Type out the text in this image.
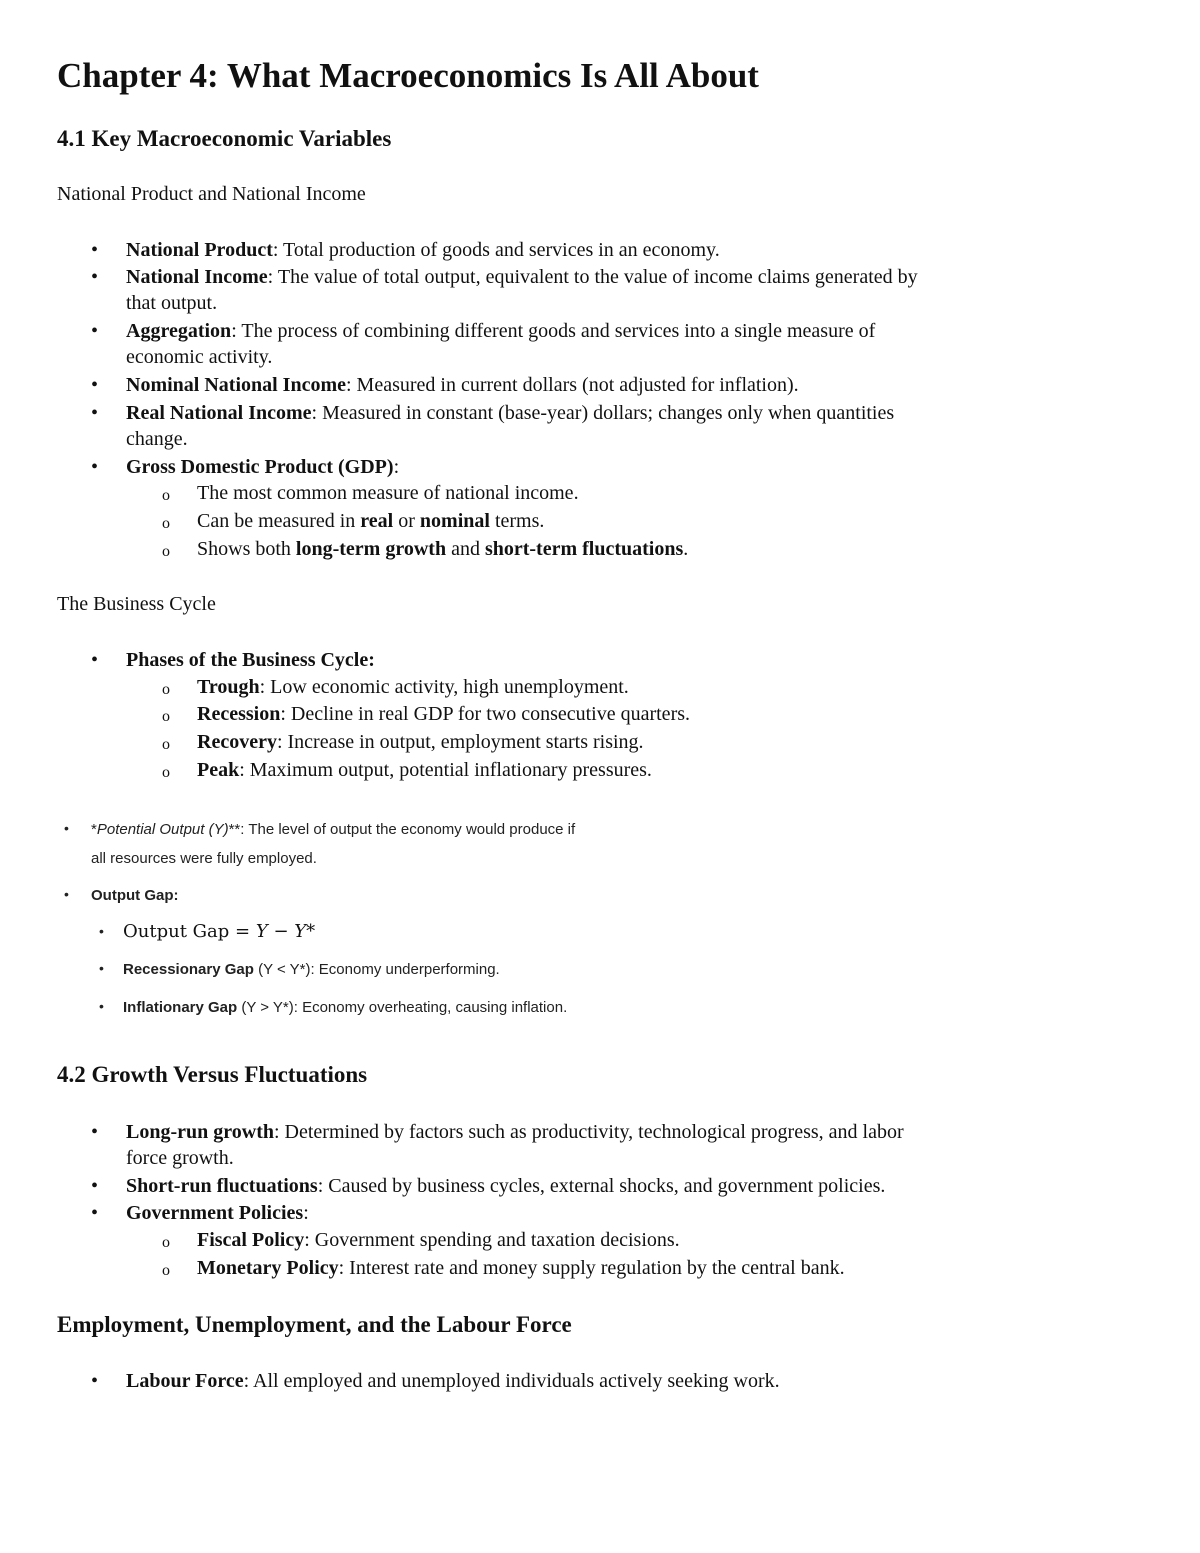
Chapter 4: What Macroeconomics Is All About
4.1 Key Macroeconomic Variables
National Product and National Income
•
National Product: Total production of goods and services in an economy.
•
National Income: The value of total output, equivalent to the value of income claims generated by
that output.
•
Aggregation: The process of combining different goods and services into a single measure of
economic activity.
•
Nominal National Income: Measured in current dollars (not adjusted for inflation).
•
Real National Income: Measured in constant (base-year) dollars; changes only when quantities
change.
•
Gross Domestic Product (GDP):
o The most common measure of national income.
o Can be measured in real or nominal terms.
o Shows both long-term growth and short-term fluctuations.
The Business Cycle
•
Phases of the Business Cycle:
o Trough: Low economic activity, high unemployment.
o Recession: Decline in real GDP for two consecutive quarters.
o Recovery: Increase in output, employment starts rising.
o Peak: Maximum output, potential inflationary pressures.
• *Potential Output (Y)**: The level of output the economy would produce if
all resources were fully employed.
• Output Gap:
• Output Gap = Y − Y*
• Recessionary Gap (Y < Y*): Economy underperforming.
• Inflationary Gap (Y > Y*): Economy overheating, causing inflation.
4.2 Growth Versus Fluctuations
•
Long-run growth: Determined by factors such as productivity, technological progress, and labor
force growth.
•
Short-run fluctuations: Caused by business cycles, external shocks, and government policies.
•
Government Policies:
o Fiscal Policy: Government spending and taxation decisions.
o Monetary Policy: Interest rate and money supply regulation by the central bank.
Employment, Unemployment, and the Labour Force
•
Labour Force: All employed and unemployed individuals actively seeking work.
